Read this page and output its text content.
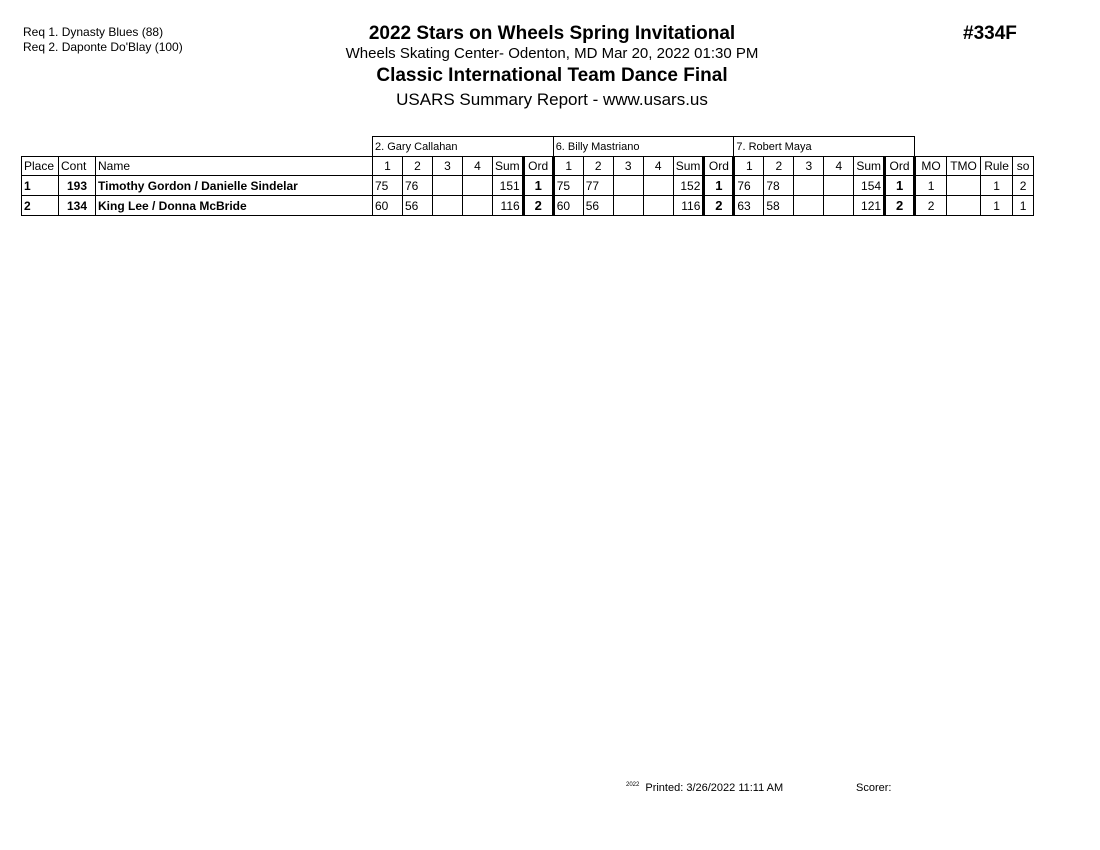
Req 1. Dynasty Blues (88)
Req 2. Daponte Do'Blay (100)
2022 Stars on Wheels Spring Invitational
Wheels Skating Center- Odenton, MD Mar 20, 2022 01:30 PM
Classic International Team Dance Final
USARS Summary Report - www.usars.us
#334F
			2. Gary Callahan						6. Billy Mastriano						7. Robert Maya									
Place	Cont	Name	1	2	3	4	Sum	Ord	1	2	3	4	Sum	Ord	1	2	3	4	Sum	Ord	MO	TMO	Rule	so
1	193	Timothy Gordon / Danielle Sindelar	75	76			151	1	75	77			152	1	76	78			154	1	1		1	2
2	134	King Lee / Donna McBride	60	56			116	2	60	56			116	2	63	58			121	2	2		1	1
$^{2022}$ Printed: 3/26/2022 11:11 AM	Scorer:
